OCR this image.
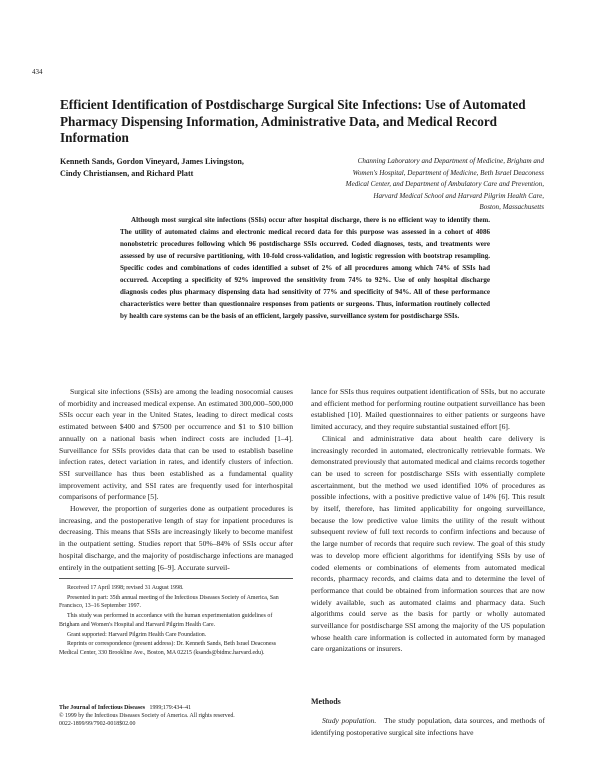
434
Efficient Identification of Postdischarge Surgical Site Infections: Use of Automated Pharmacy Dispensing Information, Administrative Data, and Medical Record Information
Kenneth Sands, Gordon Vineyard, James Livingston,
Cindy Christiansen, and Richard Platt
Channing Laboratory and Department of Medicine, Brigham and
Women's Hospital, Department of Medicine, Beth Israel Deaconess
Medical Center, and Department of Ambulatory Care and Prevention,
Harvard Medical School and Harvard Pilgrim Health Care,
Boston, Massachusetts

Although most surgical site infections (SSIs) occur after hospital discharge, there is no efficient way to identify them. The utility of automated claims and electronic medical record data for this purpose was assessed in a cohort of 4086 nonobstetric procedures following which 96 postdischarge SSIs occurred. Coded diagnoses, tests, and treatments were assessed by use of recursive partitioning, with 10-fold cross-validation, and logistic regression with bootstrap resampling. Specific codes and combinations of codes identified a subset of 2% of all procedures among which 74% of SSIs had occurred. Accepting a specificity of 92% improved the sensitivity from 74% to 92%. Use of only hospital discharge diagnosis codes plus pharmacy dispensing data had sensitivity of 77% and specificity of 94%. All of these performance characteristics were better than questionnaire responses from patients or surgeons. Thus, information routinely collected by health care systems can be the basis of an efficient, largely passive, surveillance system for postdischarge SSIs.

Surgical site infections (SSIs) are among the leading nosocomial causes of morbidity and increased medical expense. An estimated 300,000–500,000 SSIs occur each year in the United States, leading to direct medical costs estimated between $400 and $7500 per occurrence and $1 to $10 billion annually on a national basis when indirect costs are included [1–4]. Surveillance for SSIs provides data that can be used to establish baseline infection rates, detect variation in rates, and identify clusters of infection. SSI surveillance has thus been established as a fundamental quality improvement activity, and SSI rates are frequently used for interhospital comparisons of performance [5].

However, the proportion of surgeries done as outpatient procedures is increasing, and the postoperative length of stay for inpatient procedures is decreasing. This means that SSIs are increasingly likely to become manifest in the outpatient setting. Studies report that 50%–84% of SSIs occur after hospital discharge, and the majority of postdischarge infections are managed entirely in the outpatient setting [6–9]. Accurate surveil-

lance for SSIs thus requires outpatient identification of SSIs, but no accurate and efficient method for performing routine outpatient surveillance has been established [10]. Mailed questionnaires to either patients or surgeons have limited accuracy, and they require substantial sustained effort [6].

Clinical and administrative data about health care delivery is increasingly recorded in automated, electronically retrievable formats. We demonstrated previously that automated medical and claims records together can be used to screen for postdischarge SSIs with essentially complete ascertainment, but the method we used identified 10% of procedures as possible infections, with a positive predictive value of 14% [6]. This result by itself, therefore, has limited applicability for ongoing surveillance, because the low predictive value limits the utility of the result without subsequent review of full text records to confirm infections and because of the large number of records that require such review. The goal of this study was to develop more efficient algorithms for identifying SSIs by use of coded elements or combinations of elements from automated medical records, pharmacy records, and claims data and to determine the level of performance that could be obtained from information sources that are now widely available, such as automated claims and pharmacy data. Such algorithms could serve as the basis for partly or wholly automated surveillance for postdischarge SSI among the majority of the US population whose health care information is collected in automated form by managed care organizations or insurers.

Received 17 April 1998; revised 31 August 1998.

Presented in part: 35th annual meeting of the Infectious Diseases Society of America, San Francisco, 13–16 September 1997.

This study was performed in accordance with the human experimentation guidelines of Brigham and Women's Hospital and Harvard Pilgrim Health Care.

Grant supported: Harvard Pilgrim Health Care Foundation.

Reprints or correspondence (present address): Dr. Kenneth Sands, Beth Israel Deaconess Medical Center, 330 Brookline Ave., Boston, MA 02215 (ksands@bidmc.harvard.edu).

The Journal of Infectious Diseases 1999;179:434–41
© 1999 by the Infectious Diseases Society of America. All rights reserved.
0022-1899/99/7902-0018$02.00
Methods

Study population. The study population, data sources, and methods of identifying postoperative surgical site infections have
